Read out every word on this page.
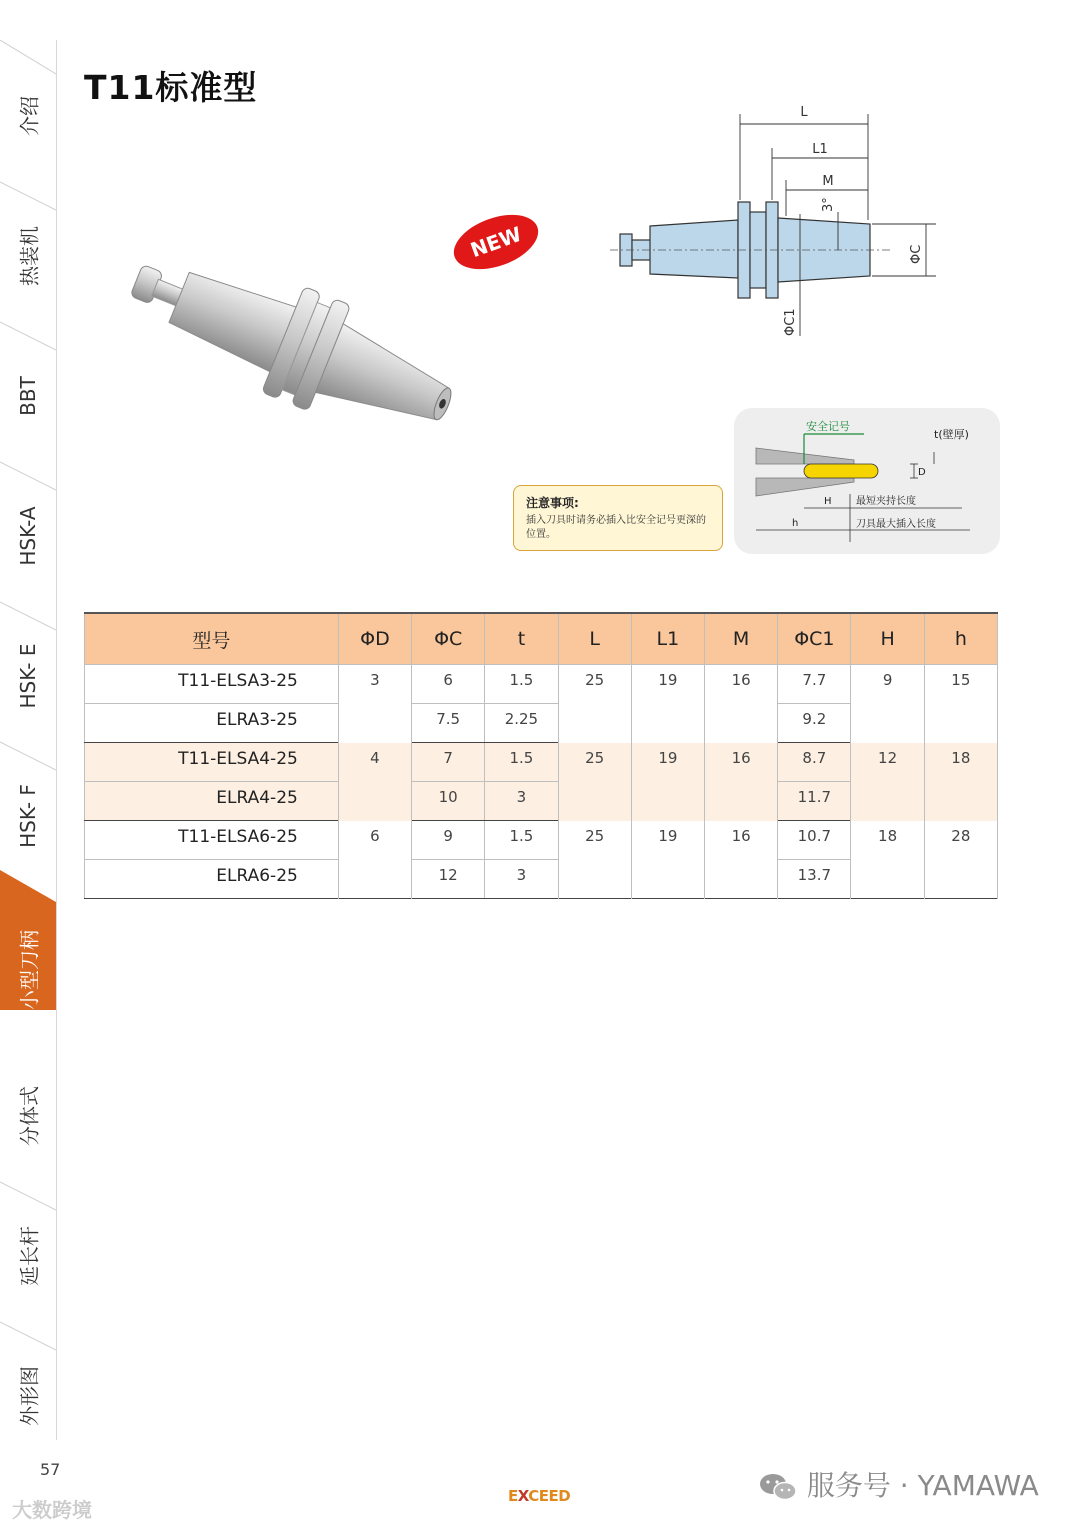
介绍
热装机
BBT
HSK-A
HSK- E
HSK- F
小型刀柄
分体式
延长杆
外形图
57
T11标准型
NEW
L
L1
M
3°
ΦC
ΦC1
安全记号
t(壁厚)
D
H
h
最短夹持长度
刀具最大插入长度
注意事项:
插入刀具时请务必插入比安全记号更深的位置。
型号	ΦD	ΦC	t	L	L1	M	ΦC1	H	h
T11-ELSA3-25	3	6	1.5	25	19	16	7.7	9	15
ELRA3-25		7.5	2.25				9.2		
T11-ELSA4-25	4	7	1.5	25	19	16	8.7	12	18
ELRA4-25		10	3				11.7		
T11-ELSA6-25	6	9	1.5	25	19	16	10.7	18	28
ELRA6-25		12	3				13.7		
EXCEED
大数跨境
服务号 · YAMAWA
